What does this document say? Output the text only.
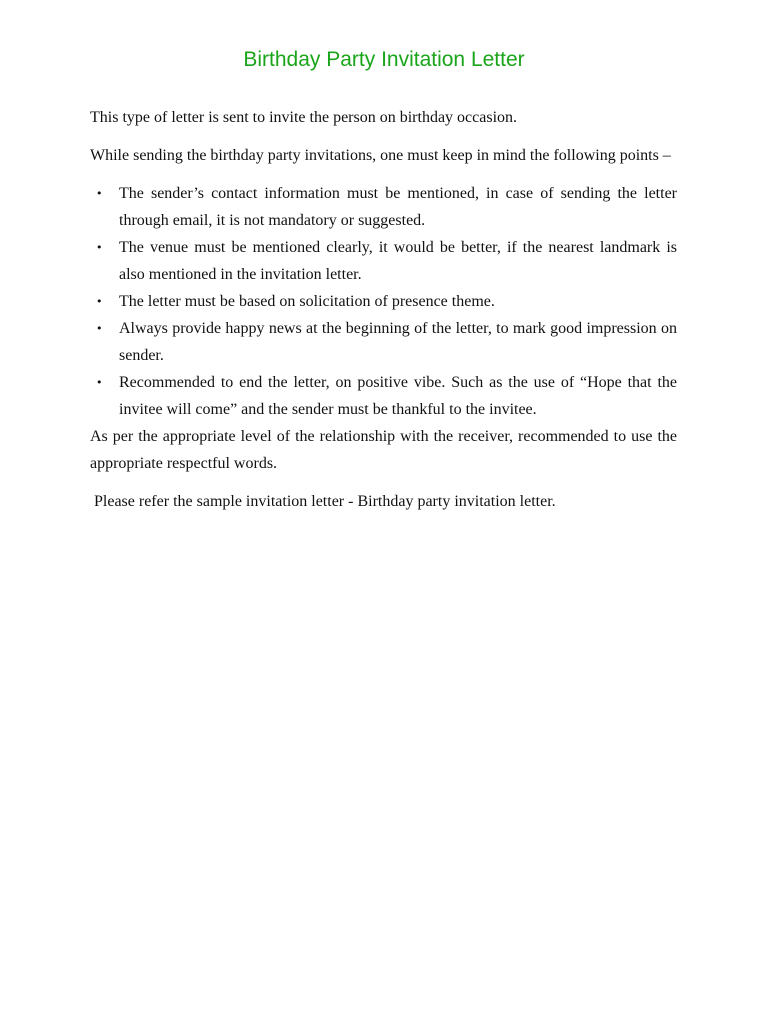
Birthday Party Invitation Letter

This type of letter is sent to invite the person on birthday occasion.

While sending the birthday party invitations, one must keep in mind the following points –

• The sender’s contact information must be mentioned, in case of sending the letter through email, it is not mandatory or suggested.
• The venue must be mentioned clearly, it would be better, if the nearest landmark is also mentioned in the invitation letter.
• The letter must be based on solicitation of presence theme.
• Always provide happy news at the beginning of the letter, to mark good impression on sender.
• Recommended to end the letter, on positive vibe. Such as the use of “Hope that the invitee will come” and the sender must be thankful to the invitee.

As per the appropriate level of the relationship with the receiver, recommended to use the appropriate respectful words.

Please refer the sample invitation letter - Birthday party invitation letter.
